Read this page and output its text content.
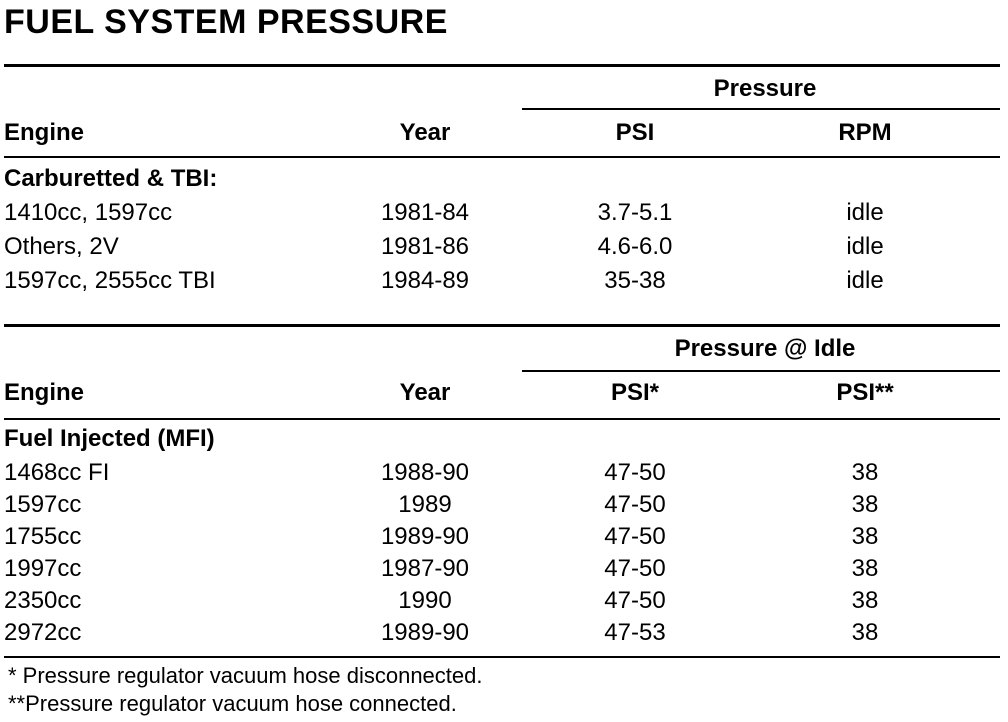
FUEL SYSTEM PRESSURE
Pressure
Engine	Year	PSI	RPM
Carburetted & TBI:
1410cc, 1597cc	1981-84	3.7-5.1	idle
Others, 2V	1981-86	4.6-6.0	idle
1597cc, 2555cc TBI	1984-89	35-38	idle
Pressure @ Idle
Engine	Year	PSI*	PSI**
Fuel Injected (MFI)
1468cc FI	1988-90	47-50	38
1597cc	1989	47-50	38
1755cc	1989-90	47-50	38
1997cc	1987-90	47-50	38
2350cc	1990	47-50	38
2972cc	1989-90	47-53	38
* Pressure regulator vacuum hose disconnected.
**Pressure regulator vacuum hose connected.
